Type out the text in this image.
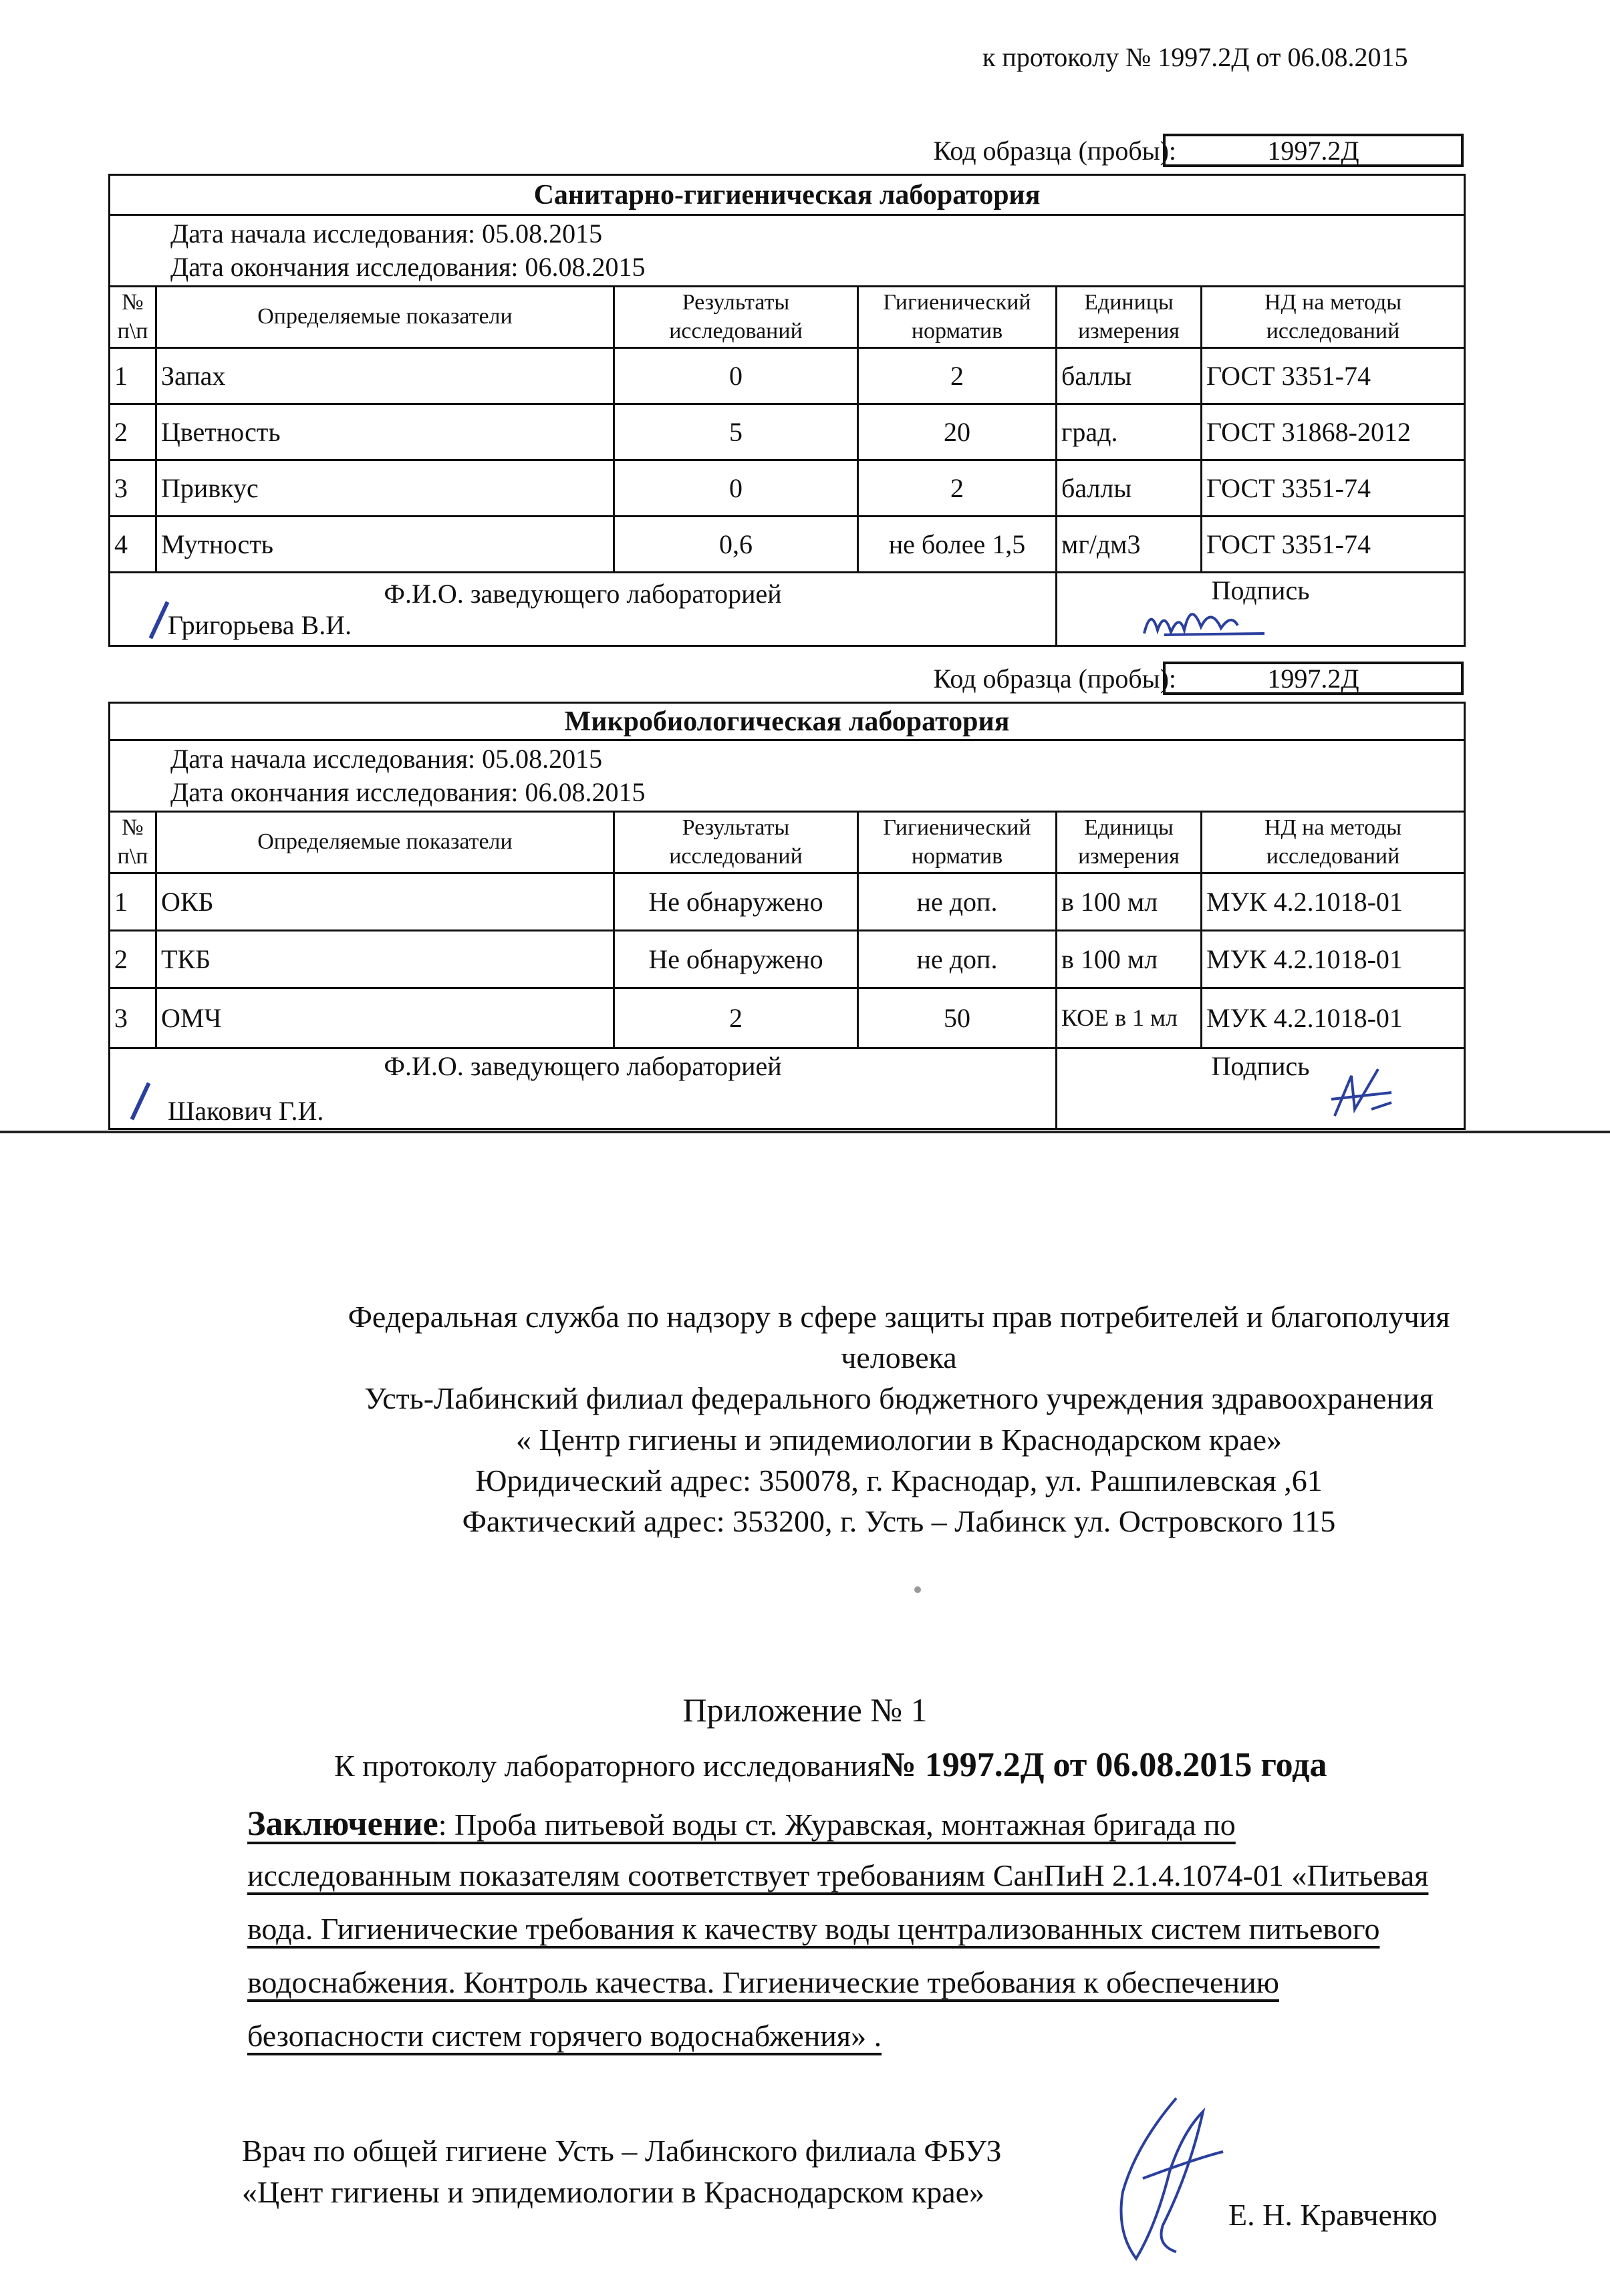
к протоколу № 1997.2Д от 06.08.2015
Код образца (пробы):	1997.2Д
Санитарно-гигиеническая лаборатория					

Дата начала исследования: 05.08.2015
Дата окончания исследования: 06.08.2015					

№ п\п	Определяемые показатели	Результаты исследований	Гигиенический норматив	Единицы измерения	НД на методы исследований
1	Запах	0	2	баллы	ГОСТ 3351-74
2	Цветность	5	20	град.	ГОСТ 31868-2012
3	Привкус	0	2	баллы	ГОСТ 3351-74
4	Мутность	0,6	не более 1,5	мг/дм3	ГОСТ 3351-74

Ф.И.О. заведующего лабораторией
Григорьева В.И.				Подпись	
Код образца (пробы):	1997.2Д
Микробиологическая лаборатория					

Дата начала исследования: 05.08.2015
Дата окончания исследования: 06.08.2015					

№ п\п	Определяемые показатели	Результаты исследований	Гигиенический норматив	Единицы измерения	НД на методы исследований
1	ОКБ	Не обнаружено	не доп.	в 100 мл	МУК 4.2.1018-01
2	ТКБ	Не обнаружено	не доп.	в 100 мл	МУК 4.2.1018-01
3	ОМЧ	2	50	КОЕ в 1 мл	МУК 4.2.1018-01

Ф.И.О. заведующего лабораторией
Шакович Г.И.				Подпись	
Федеральная служба по надзору в сфере защиты прав потребителей и благополучия
человека
Усть-Лабинский филиал федерального бюджетного учреждения здравоохранения
« Центр гигиены и эпидемиологии в Краснодарском крае»
Юридический адрес: 350078, г. Краснодар, ул. Рашпилевская ,61
Фактический адрес: 353200, г. Усть – Лабинск ул. Островского 115
Приложение № 1
К протоколу лабораторного исследования№ 1997.2Д от 06.08.2015 года
Заключение: Проба питьевой воды ст. Журавская, монтажная бригада по
исследованным показателям соответствует требованиям СанПиН 2.1.4.1074-01 «Питьевая
вода. Гигиенические требования к качеству воды централизованных систем питьевого
водоснабжения. Контроль качества. Гигиенические требования к обеспечению
безопасности систем горячего водоснабжения» .
Врач по общей гигиене Усть – Лабинского филиала ФБУЗ
«Цент гигиены и эпидемиологии в Краснодарском крае»
Е. Н. Кравченко
